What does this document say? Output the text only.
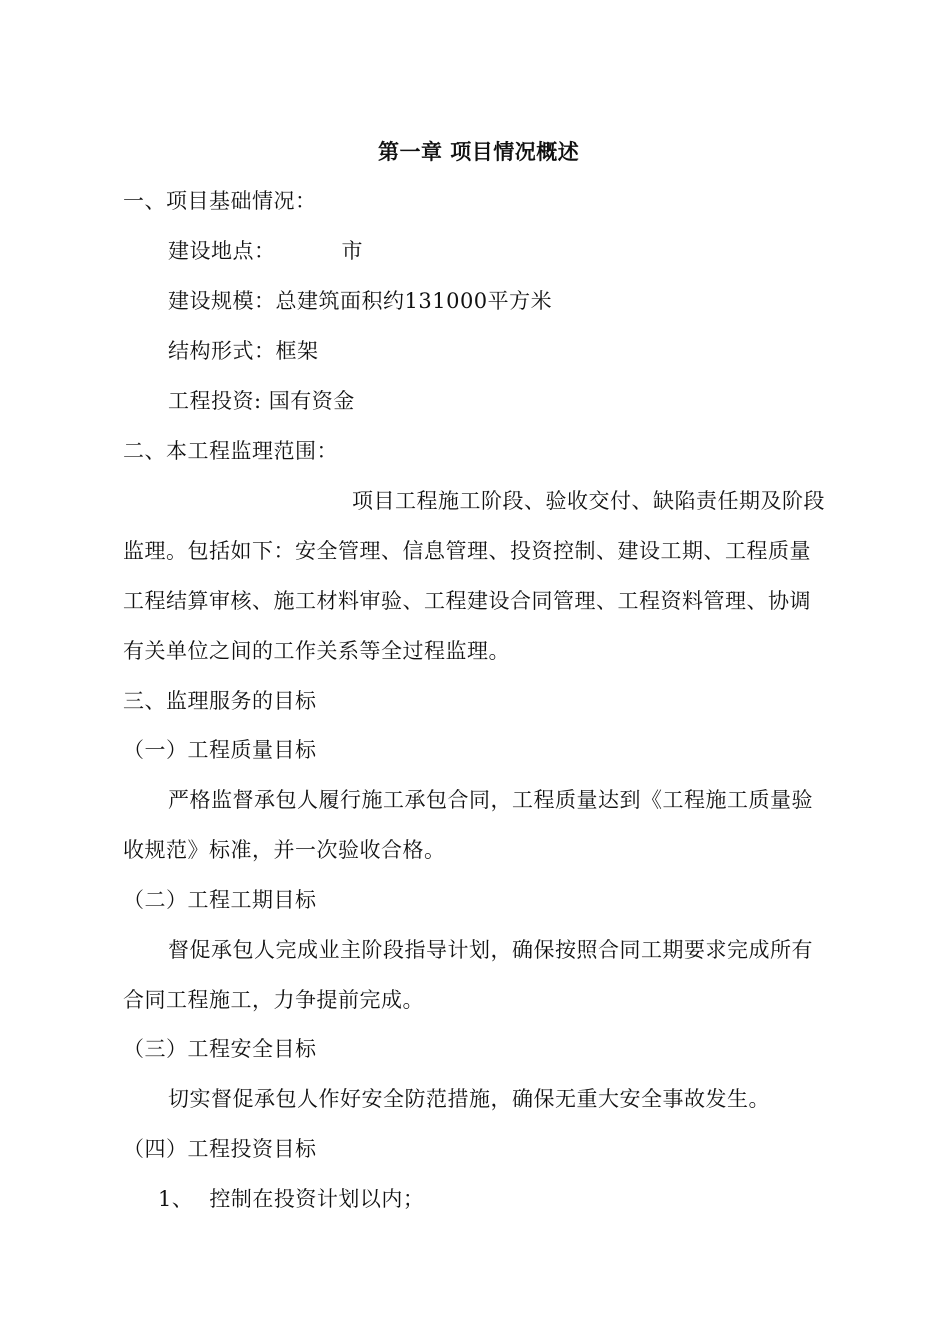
第一章 项目情况概述
一、项目基础情况：
建设地点：	市
建设规模：总建筑面积约131000平方米
结构形式：框架
工程投资: 国有资金
二、本工程监理范围：
项目工程施工阶段、验收交付、缺陷责任期及阶段
监理。包括如下：安全管理、信息管理、投资控制、建设工期、工程质量
工程结算审核、施工材料审验、工程建设合同管理、工程资料管理、协调
有关单位之间的工作关系等全过程监理。
三、监理服务的目标
（一）工程质量目标
严格监督承包人履行施工承包合同，工程质量达到《工程施工质量验
收规范》标准，并一次验收合格。
（二）工程工期目标
督促承包人完成业主阶段指导计划，确保按照合同工期要求完成所有
合同工程施工，力争提前完成。
（三）工程安全目标
切实督促承包人作好安全防范措施，确保无重大安全事故发生。
（四）工程投资目标
1、 控制在投资计划以内；
